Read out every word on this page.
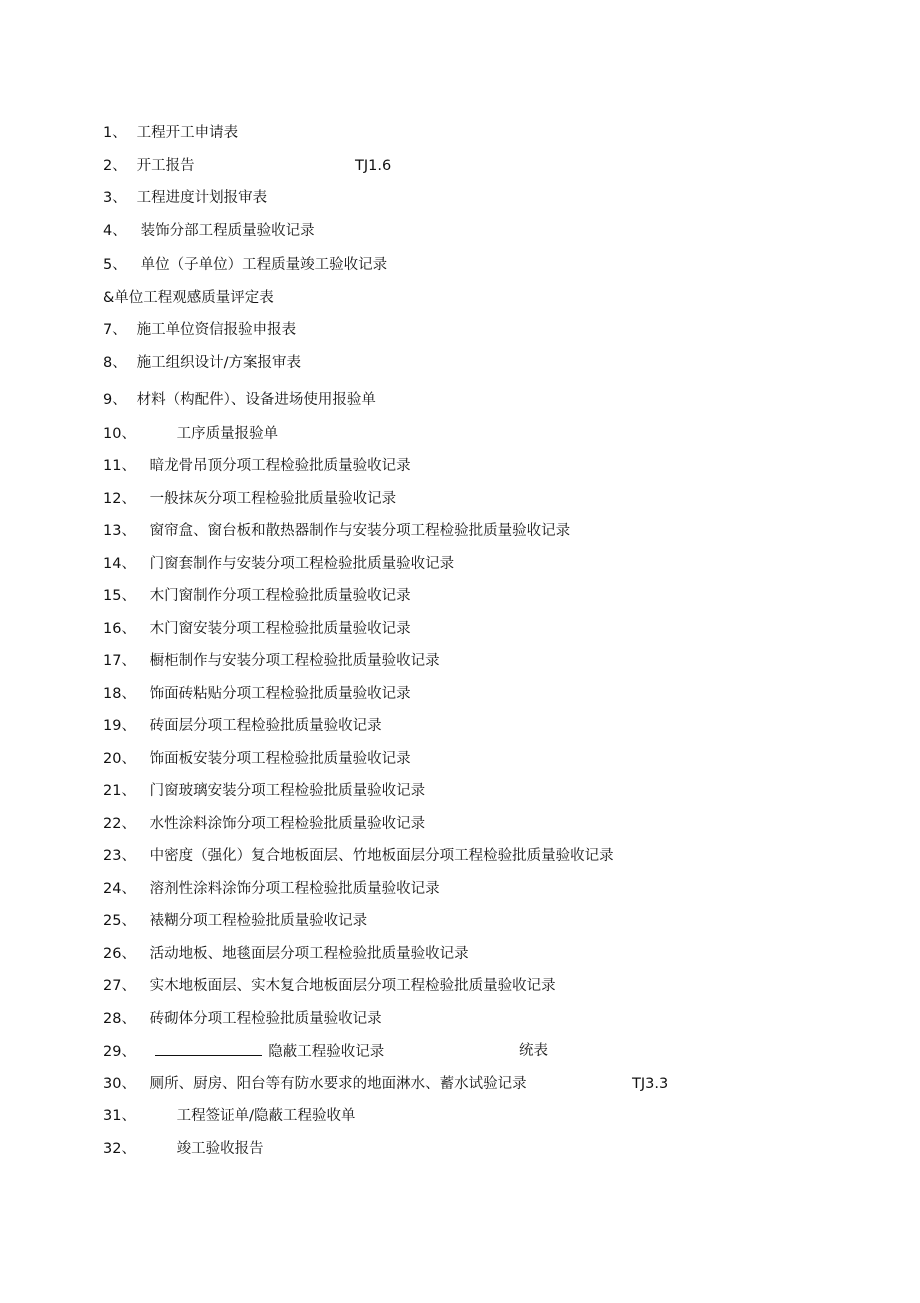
1、 工程开工申请表
2、 开工报告	TJ1.6
3、 工程进度计划报审表
4、 装饰分部工程质量验收记录
5、 单位（子单位）工程质量竣工验收记录
&单位工程观感质量评定表
7、 施工单位资信报验申报表
8、 施工组织设计/方案报审表
9、 材料（构配件）、设备进场使用报验单
10、	工序质量报验单
11、 暗龙骨吊顶分项工程检验批质量验收记录
12、 一般抹灰分项工程检验批质量验收记录
13、 窗帘盒、窗台板和散热器制作与安装分项工程检验批质量验收记录
14、 门窗套制作与安装分项工程检验批质量验收记录
15、 木门窗制作分项工程检验批质量验收记录
16、 木门窗安装分项工程检验批质量验收记录
17、 橱柜制作与安装分项工程检验批质量验收记录
18、 饰面砖粘贴分项工程检验批质量验收记录
19、 砖面层分项工程检验批质量验收记录
20、 饰面板安装分项工程检验批质量验收记录
21、 门窗玻璃安装分项工程检验批质量验收记录
22、 水性涂料涂饰分项工程检验批质量验收记录
23、 中密度（强化）复合地板面层、竹地板面层分项工程检验批质量验收记录
24、 溶剂性涂料涂饰分项工程检验批质量验收记录
25、 裱糊分项工程检验批质量验收记录
26、 活动地板、地毯面层分项工程检验批质量验收记录
27、 实木地板面层、实木复合地板面层分项工程检验批质量验收记录
28、 砖砌体分项工程检验批质量验收记录
29、	隐蔽工程验收记录	统表
30、 厕所、厨房、阳台等有防水要求的地面淋水、蓄水试验记录	TJ3.3
31、	工程签证单/隐蔽工程验收单
32、	竣工验收报告
